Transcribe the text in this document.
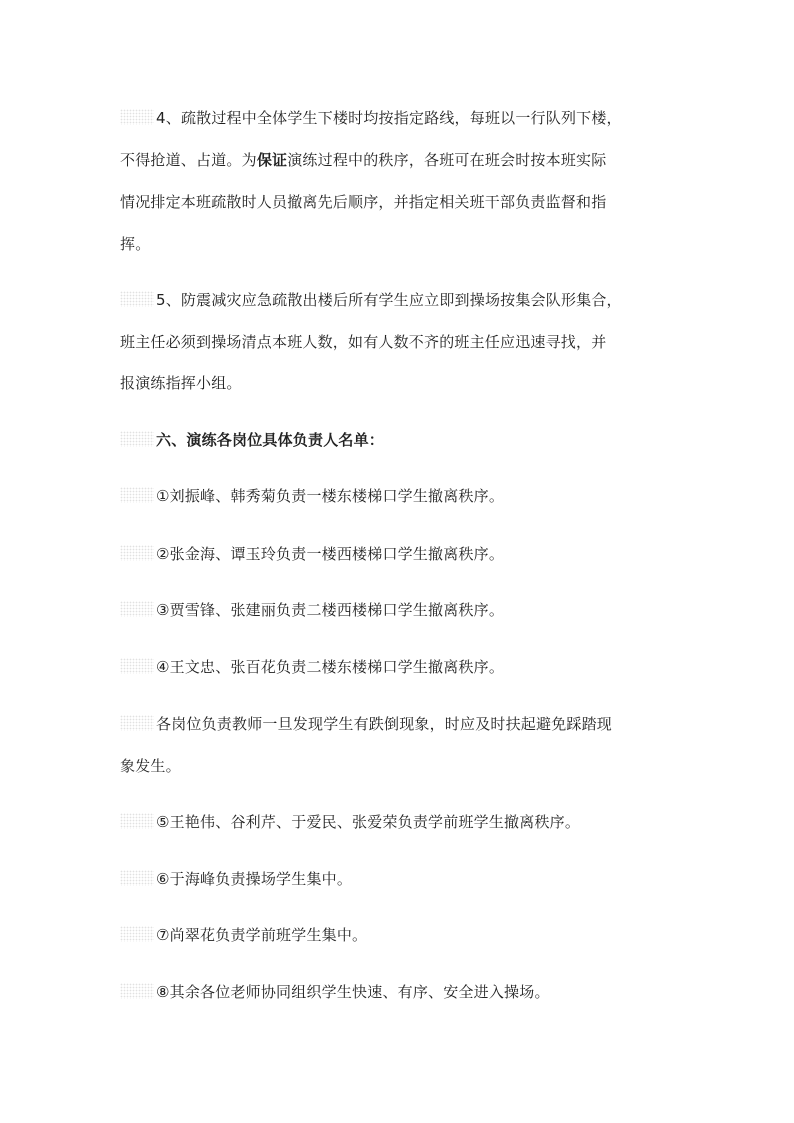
4、疏散过程中全体学生下楼时均按指定路线，每班以一行队列下楼，
不得抢道、占道。为保证演练过程中的秩序，各班可在班会时按本班实际
情况排定本班疏散时人员撤离先后顺序，并指定相关班干部负责监督和指
挥。
5、防震减灾应急疏散出楼后所有学生应立即到操场按集会队形集合，
班主任必须到操场清点本班人数，如有人数不齐的班主任应迅速寻找，并
报演练指挥小组。
六、演练各岗位具体负责人名单：
①刘振峰、韩秀菊负责一楼东楼梯口学生撤离秩序。
②张金海、谭玉玲负责一楼西楼梯口学生撤离秩序。
③贾雪锋、张建丽负责二楼西楼梯口学生撤离秩序。
④王文忠、张百花负责二楼东楼梯口学生撤离秩序。
各岗位负责教师一旦发现学生有跌倒现象，时应及时扶起避免踩踏现
象发生。
⑤王艳伟、谷利芹、于爱民、张爱荣负责学前班学生撤离秩序。
⑥于海峰负责操场学生集中。
⑦尚翠花负责学前班学生集中。
⑧其余各位老师协同组织学生快速、有序、安全进入操场。
